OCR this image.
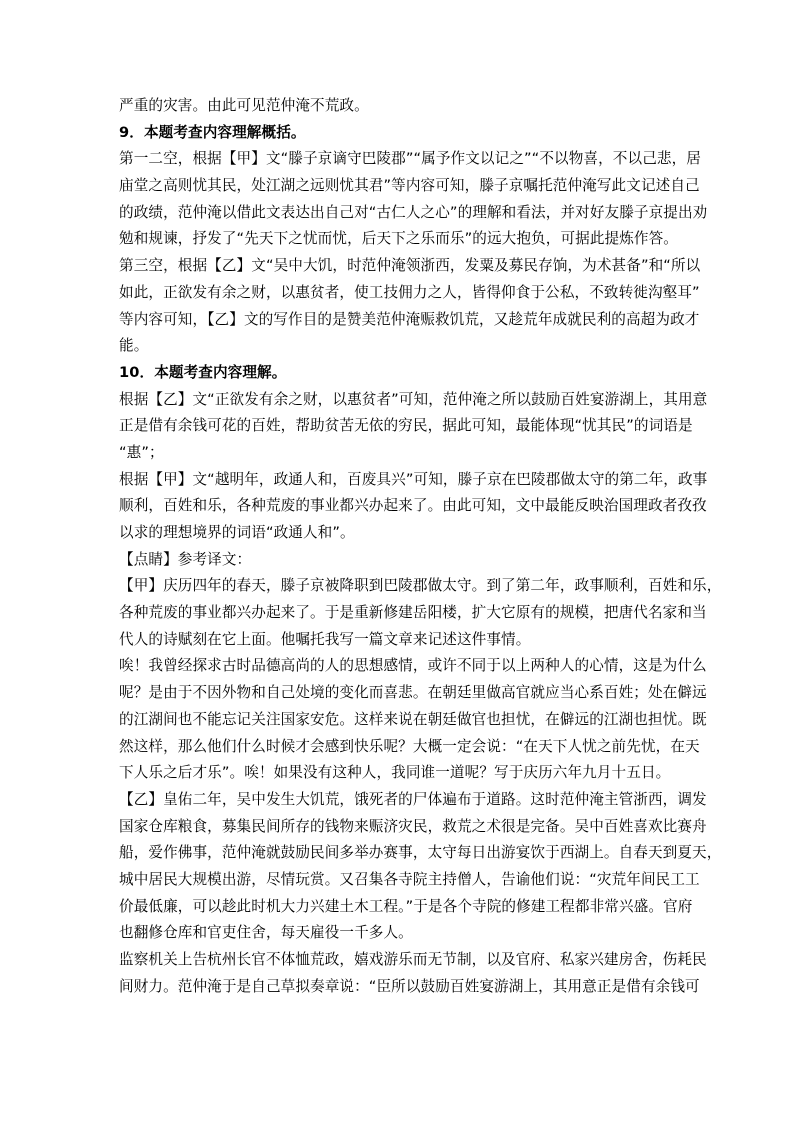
严重的灾害。由此可见范仲淹不荒政。
9．本题考查内容理解概括。
第一二空，根据【甲】文“滕子京谪守巴陵郡”“属予作文以记之”“不以物喜，不以己悲，居
庙堂之高则忧其民，处江湖之远则忧其君”等内容可知，滕子京嘱托范仲淹写此文记述自己
的政绩，范仲淹以借此文表达出自己对“古仁人之心”的理解和看法，并对好友滕子京提出劝
勉和规谏，抒发了“先天下之忧而忧，后天下之乐而乐”的远大抱负，可据此提炼作答。
第三空，根据【乙】文“吴中大饥，时范仲淹领浙西，发粟及募民存饷，为术甚备”和“所以
如此，正欲发有余之财，以惠贫者，使工技佣力之人，皆得仰食于公私，不致转徙沟壑耳”
等内容可知，【乙】文的写作目的是赞美范仲淹赈救饥荒，又趁荒年成就民利的高超为政才
能。
10．本题考查内容理解。
根据【乙】文“正欲发有余之财，以惠贫者”可知，范仲淹之所以鼓励百姓宴游湖上，其用意
正是借有余钱可花的百姓，帮助贫苦无依的穷民，据此可知，最能体现“忧其民”的词语是
“惠”；
根据【甲】文“越明年，政通人和，百废具兴”可知，滕子京在巴陵郡做太守的第二年，政事
顺利，百姓和乐，各种荒废的事业都兴办起来了。由此可知，文中最能反映治国理政者孜孜
以求的理想境界的词语“政通人和”。
【点睛】参考译文：
【甲】庆历四年的春天，滕子京被降职到巴陵郡做太守。到了第二年，政事顺利，百姓和乐，
各种荒废的事业都兴办起来了。于是重新修建岳阳楼，扩大它原有的规模，把唐代名家和当
代人的诗赋刻在它上面。他嘱托我写一篇文章来记述这件事情。
唉！我曾经探求古时品德高尚的人的思想感情，或许不同于以上两种人的心情，这是为什么
呢？是由于不因外物和自己处境的变化而喜悲。在朝廷里做高官就应当心系百姓；处在僻远
的江湖间也不能忘记关注国家安危。这样来说在朝廷做官也担忧，在僻远的江湖也担忧。既
然这样，那么他们什么时候才会感到快乐呢？大概一定会说：“在天下人忧之前先忧，在天
下人乐之后才乐”。唉！如果没有这种人，我同谁一道呢？写于庆历六年九月十五日。
【乙】皇佑二年，吴中发生大饥荒，饿死者的尸体遍布于道路。这时范仲淹主管浙西，调发
国家仓库粮食，募集民间所存的钱物来赈济灾民，救荒之术很是完备。吴中百姓喜欢比赛舟
船，爱作佛事，范仲淹就鼓励民间多举办赛事，太守每日出游宴饮于西湖上。自春天到夏天，
城中居民大规模出游，尽情玩赏。又召集各寺院主持僧人，告谕他们说：“灾荒年间民工工
价最低廉，可以趁此时机大力兴建土木工程。”于是各个寺院的修建工程都非常兴盛。官府
也翻修仓库和官吏住舍，每天雇役一千多人。
监察机关上告杭州长官不体恤荒政，嬉戏游乐而无节制，以及官府、私家兴建房舍，伤耗民
间财力。范仲淹于是自己草拟奏章说：“臣所以鼓励百姓宴游湖上，其用意正是借有余钱可
